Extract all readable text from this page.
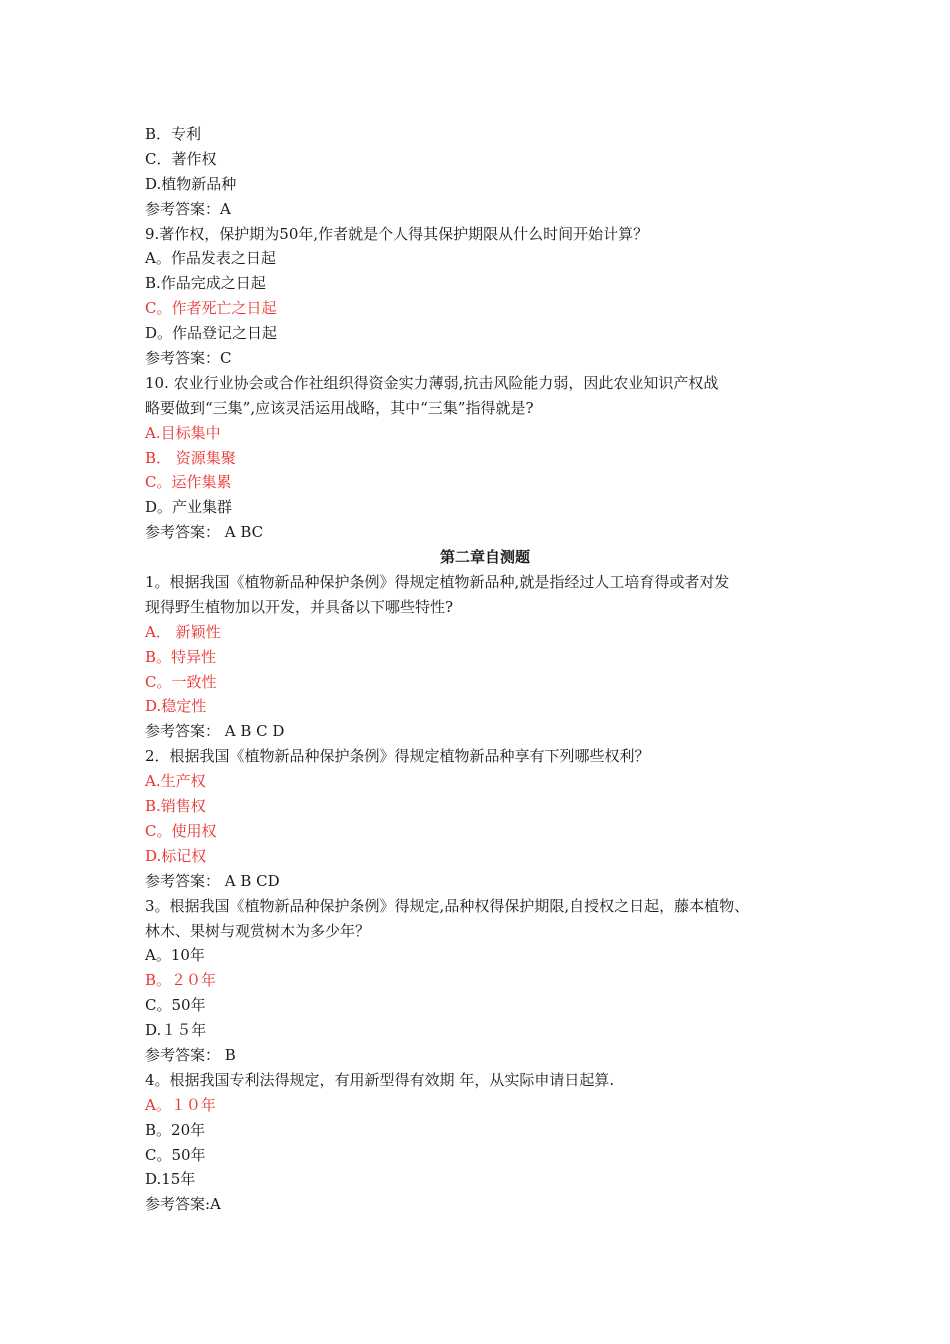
B．专利
C．著作权
D.植物新品种
参考答案：A
9.著作权，保护期为50年,作者就是个人得其保护期限从什么时间开始计算？
A。作品发表之日起
B.作品完成之日起
C。作者死亡之日起
D。作品登记之日起
参考答案：C
10. 农业行业协会或合作社组织得资金实力薄弱,抗击风险能力弱，因此农业知识产权战
略要做到“三集”,应该灵活运用战略，其中“三集”指得就是?
A.目标集中
B． 资源集聚
C。运作集累
D。产业集群
参考答案： A BC
第二章自测题
1。根据我国《植物新品种保护条例》得规定植物新品种,就是指经过人工培育得或者对发
现得野生植物加以开发，并具备以下哪些特性?
A． 新颖性
B。特异性
C。一致性
D.稳定性
参考答案： A B C D
2．根据我国《植物新品种保护条例》得规定植物新品种享有下列哪些权利？
A.生产权
B.销售权
C。使用权
D.标记权
参考答案： A B CD
3。根据我国《植物新品种保护条例》得规定,品种权得保护期限,自授权之日起，藤本植物、
林木、果树与观赏树木为多少年？
A。10年
B。２０年
C。50年
D.１５年
参考答案： B
4。根据我国专利法得规定，有用新型得有效期 年，从实际申请日起算.
A。１０年
B。20年
C。50年
D.15年
参考答案:A
